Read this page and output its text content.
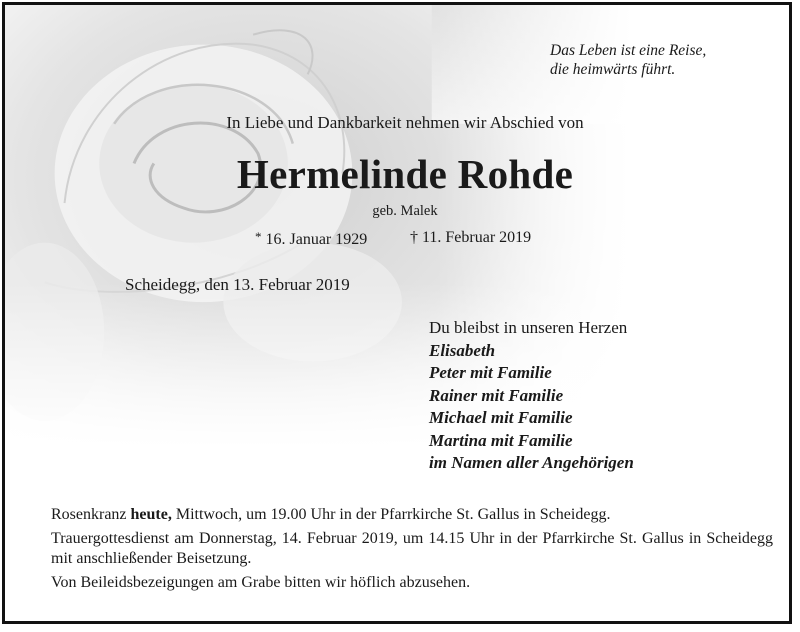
Das Leben ist eine Reise,
die heimwärts führt.
In Liebe und Dankbarkeit nehmen wir Abschied von
Hermelinde Rohde
geb. Malek
* 16. Januar 1929	† 11. Februar 2019
Scheidegg, den 13. Februar 2019
Du bleibst in unseren Herzen
Elisabeth
Peter mit Familie
Rainer mit Familie
Michael mit Familie
Martina mit Familie
im Namen aller Angehörigen

Rosenkranz heute, Mittwoch, um 19.00 Uhr in der Pfarrkirche St. Gallus in Scheidegg.

Trauergottesdienst am Donnerstag, 14. Februar 2019, um 14.15 Uhr in der Pfarrkirche St. Gallus in Scheidegg mit anschließender Beisetzung.

Von Beileidsbezeigungen am Grabe bitten wir höflich abzusehen.
